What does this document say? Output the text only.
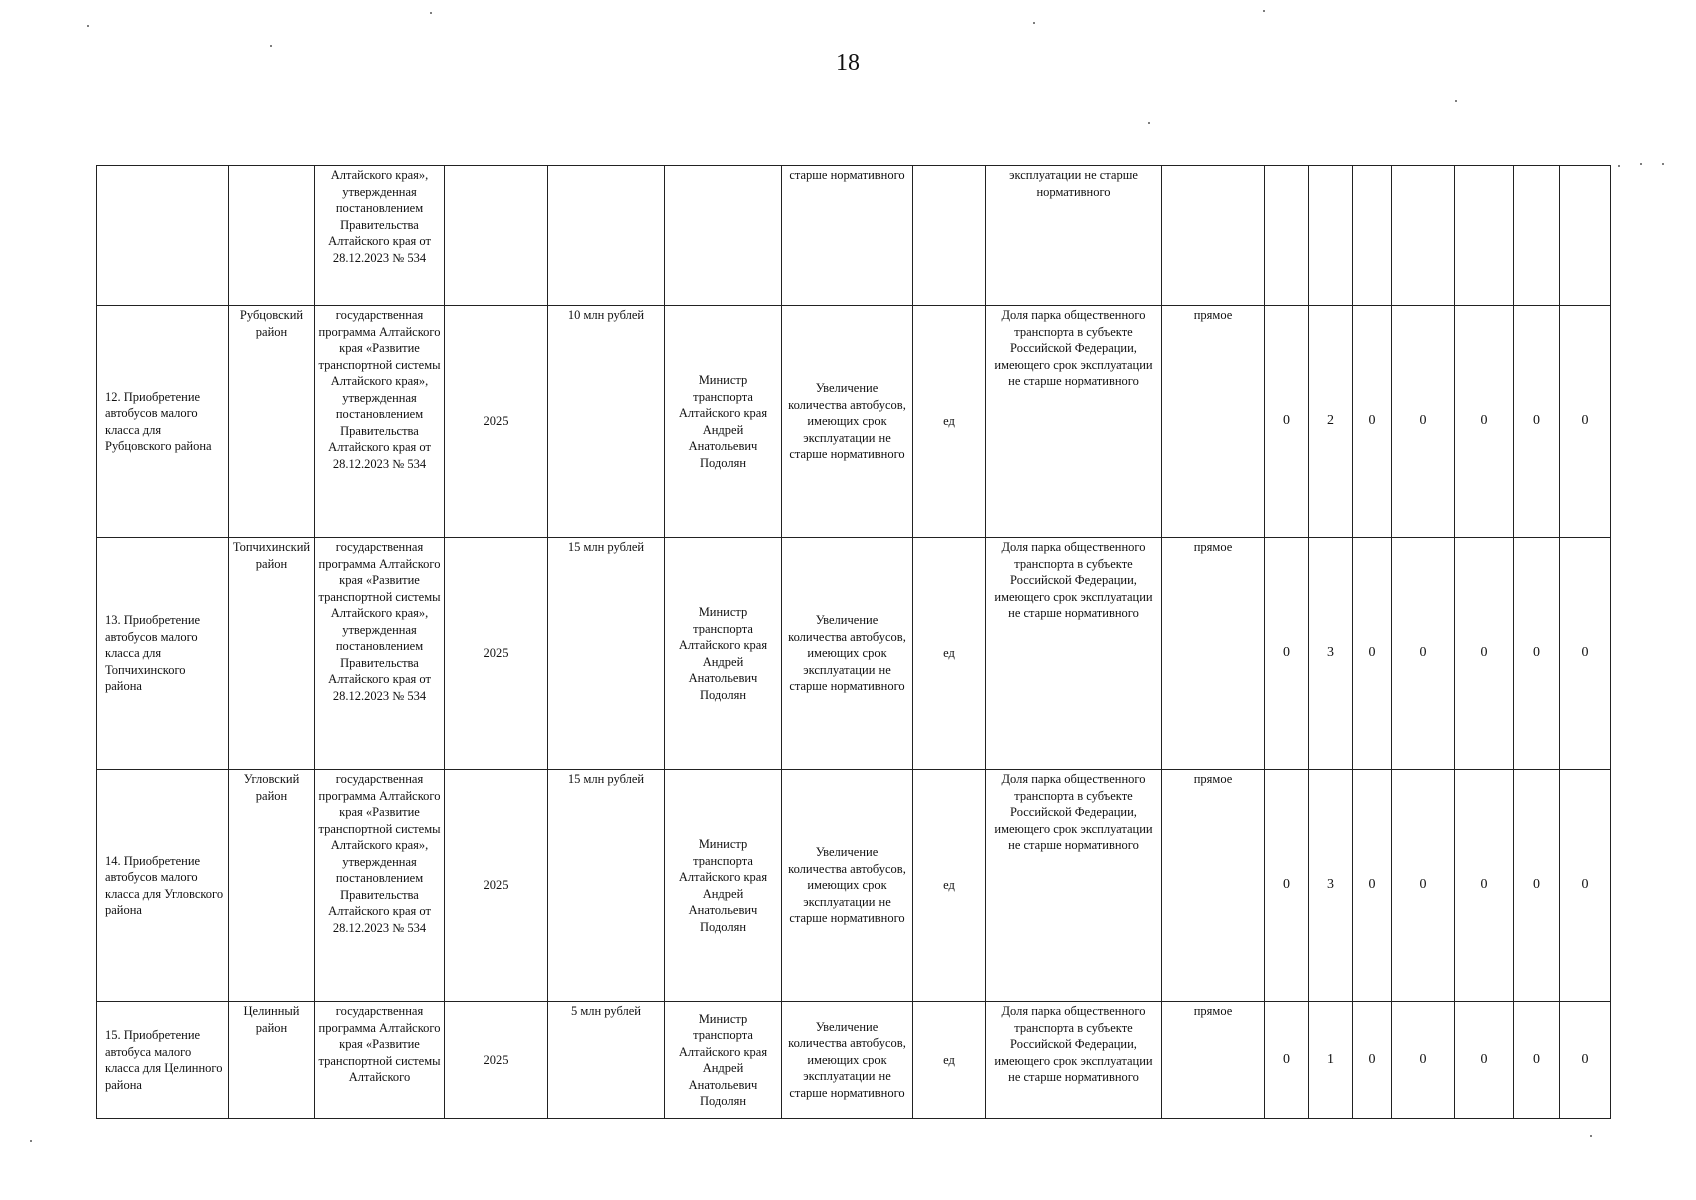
18
		Алтайского края», утвержденная постановлением Правительства Алтайского края от 28.12.2023 № 534				старше нормативного		эксплуатации не старше нормативного								
12. Приобретение автобусов малого класса для Рубцовского района	Рубцовский район	государственная программа Алтайского края «Развитие транспортной системы Алтайского края», утвержденная постановлением Правительства Алтайского края от 28.12.2023 № 534	2025	10 млн рублей	Министр транспорта Алтайского края Андрей Анатольевич Подолян	Увеличение количества автобусов, имеющих срок эксплуатации не старше нормативного	ед	Доля парка общественного транспорта в субъекте Российской Федерации, имеющего срок эксплуатации не старше нормативного	прямое	0	2	0	0	0	0	0
13. Приобретение автобусов малого класса для Топчихинского района	Топчихинский район	государственная программа Алтайского края «Развитие транспортной системы Алтайского края», утвержденная постановлением Правительства Алтайского края от 28.12.2023 № 534	2025	15 млн рублей	Министр транспорта Алтайского края Андрей Анатольевич Подолян	Увеличение количества автобусов, имеющих срок эксплуатации не старше нормативного	ед	Доля парка общественного транспорта в субъекте Российской Федерации, имеющего срок эксплуатации не старше нормативного	прямое	0	3	0	0	0	0	0
14. Приобретение автобусов малого класса для Угловского района	Угловский район	государственная программа Алтайского края «Развитие транспортной системы Алтайского края», утвержденная постановлением Правительства Алтайского края от 28.12.2023 № 534	2025	15 млн рублей	Министр транспорта Алтайского края Андрей Анатольевич Подолян	Увеличение количества автобусов, имеющих срок эксплуатации не старше нормативного	ед	Доля парка общественного транспорта в субъекте Российской Федерации, имеющего срок эксплуатации не старше нормативного	прямое	0	3	0	0	0	0	0
15. Приобретение автобуса малого класса для Целинного района	Целинный район	государственная программа Алтайского края «Развитие транспортной системы Алтайского	2025	5 млн рублей	Министр транспорта Алтайского края Андрей Анатольевич Подолян	Увеличение количества автобусов, имеющих срок эксплуатации не старше нормативного	ед	Доля парка общественного транспорта в субъекте Российской Федерации, имеющего срок эксплуатации не старше нормативного	прямое	0	1	0	0	0	0	0
